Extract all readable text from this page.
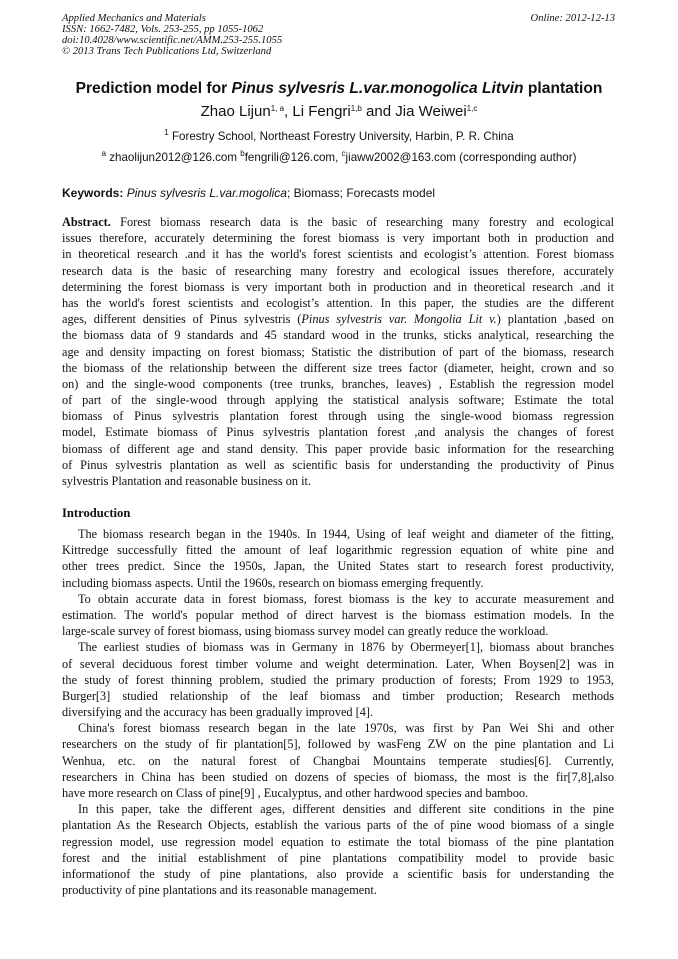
Applied Mechanics and Materials
ISSN: 1662-7482, Vols. 253-255, pp 1055-1062
doi:10.4028/www.scientific.net/AMM.253-255.1055
© 2013 Trans Tech Publications Ltd, Switzerland
Online: 2012-12-13
Prediction model for Pinus sylvesris L.var.monogolica Litvin plantation
Zhao Lijun$^{1, a}$, Li Fengri$^{1,b}$ and Jia Weiwei$^{1,c}$
$^1$ Forestry School, Northeast Forestry University, Harbin, P. R. China
$^a$ zhaolijun2012@126.com $^b$fengrili@126.com, $^c$jiaww2002@163.com (corresponding author)
Keywords: Pinus sylvesris L.var.mogolica; Biomass; Forecasts model
Abstract. Forest biomass research data is the basic of researching many forestry and ecological
issues therefore, accurately determining the forest biomass is very important both in production and
in theoretical research .and it has the world's forest scientists and ecologist’s attention. Forest biomass
research data is the basic of researching many forestry and ecological issues therefore, accurately
determining the forest biomass is very important both in production and in theoretical research .and it
has the world's forest scientists and ecologist’s attention. In this paper, the studies are the different
ages, different densities of Pinus sylvestris (Pinus sylvestris var. Mongolia Lit v.) plantation ,based on
the biomass data of 9 standards and 45 standard wood in the trunks, sticks analytical, researching the
age and density impacting on forest biomass; Statistic the distribution of part of the biomass, research
the biomass of the relationship between the different size trees factor (diameter, height, crown and so
on) and the single-wood components (tree trunks, branches, leaves) , Establish the regression model
of part of the single-wood through applying the statistical analysis software; Estimate the total
biomass of Pinus sylvestris plantation forest through using the single-wood biomass regression
model, Estimate biomass of Pinus sylvestris plantation forest ,and analysis the changes of forest
biomass of different age and stand density. This paper provide basic information for the researching
of Pinus sylvestris plantation as well as scientific basis for understanding the productivity of Pinus
sylvestris Plantation and reasonable business on it.
Introduction
The biomass research began in the 1940s. In 1944, Using of leaf weight and diameter of the fitting,
Kittredge successfully fitted the amount of leaf logarithmic regression equation of white pine and
other trees predict. Since the 1950s, Japan, the United States start to research forest productivity,
including biomass aspects. Until the 1960s, research on biomass emerging frequently.
To obtain accurate data in forest biomass, forest biomass is the key to accurate measurement and
estimation. The world's popular method of direct harvest is the biomass estimation models. In the
large-scale survey of forest biomass, using biomass survey model can greatly reduce the workload.
The earliest studies of biomass was in Germany in 1876 by Obermeyer[1], biomass about branches
of several deciduous forest timber volume and weight determination. Later, When Boysen[2] was in
the study of forest thinning problem, studied the primary production of forests; From 1929 to 1953,
Burger[3] studied relationship of the leaf biomass and timber production; Research methods
diversifying and the accuracy has been gradually improved [4].
China's forest biomass research began in the late 1970s, was first by Pan Wei Shi and other
researchers on the study of fir plantation[5], followed by wasFeng ZW on the pine plantation and Li
Wenhua, etc. on the natural forest of Changbai Mountains temperate studies[6]. Currently,
researchers in China has been studied on dozens of species of biomass, the most is the fir[7,8],also
have more research on Class of pine[9] , Eucalyptus, and other hardwood species and bamboo.
In this paper, take the different ages, different densities and different site conditions in the pine
plantation As the Research Objects, establish the various parts of the of pine wood biomass of a single
regression model, use regression model equation to estimate the total biomass of the pine plantation
forest and the initial establishment of pine plantations compatibility model to provide basic
informationof the study of pine plantations, also provide a scientific basis for understanding the
productivity of pine plantations and its reasonable management.
